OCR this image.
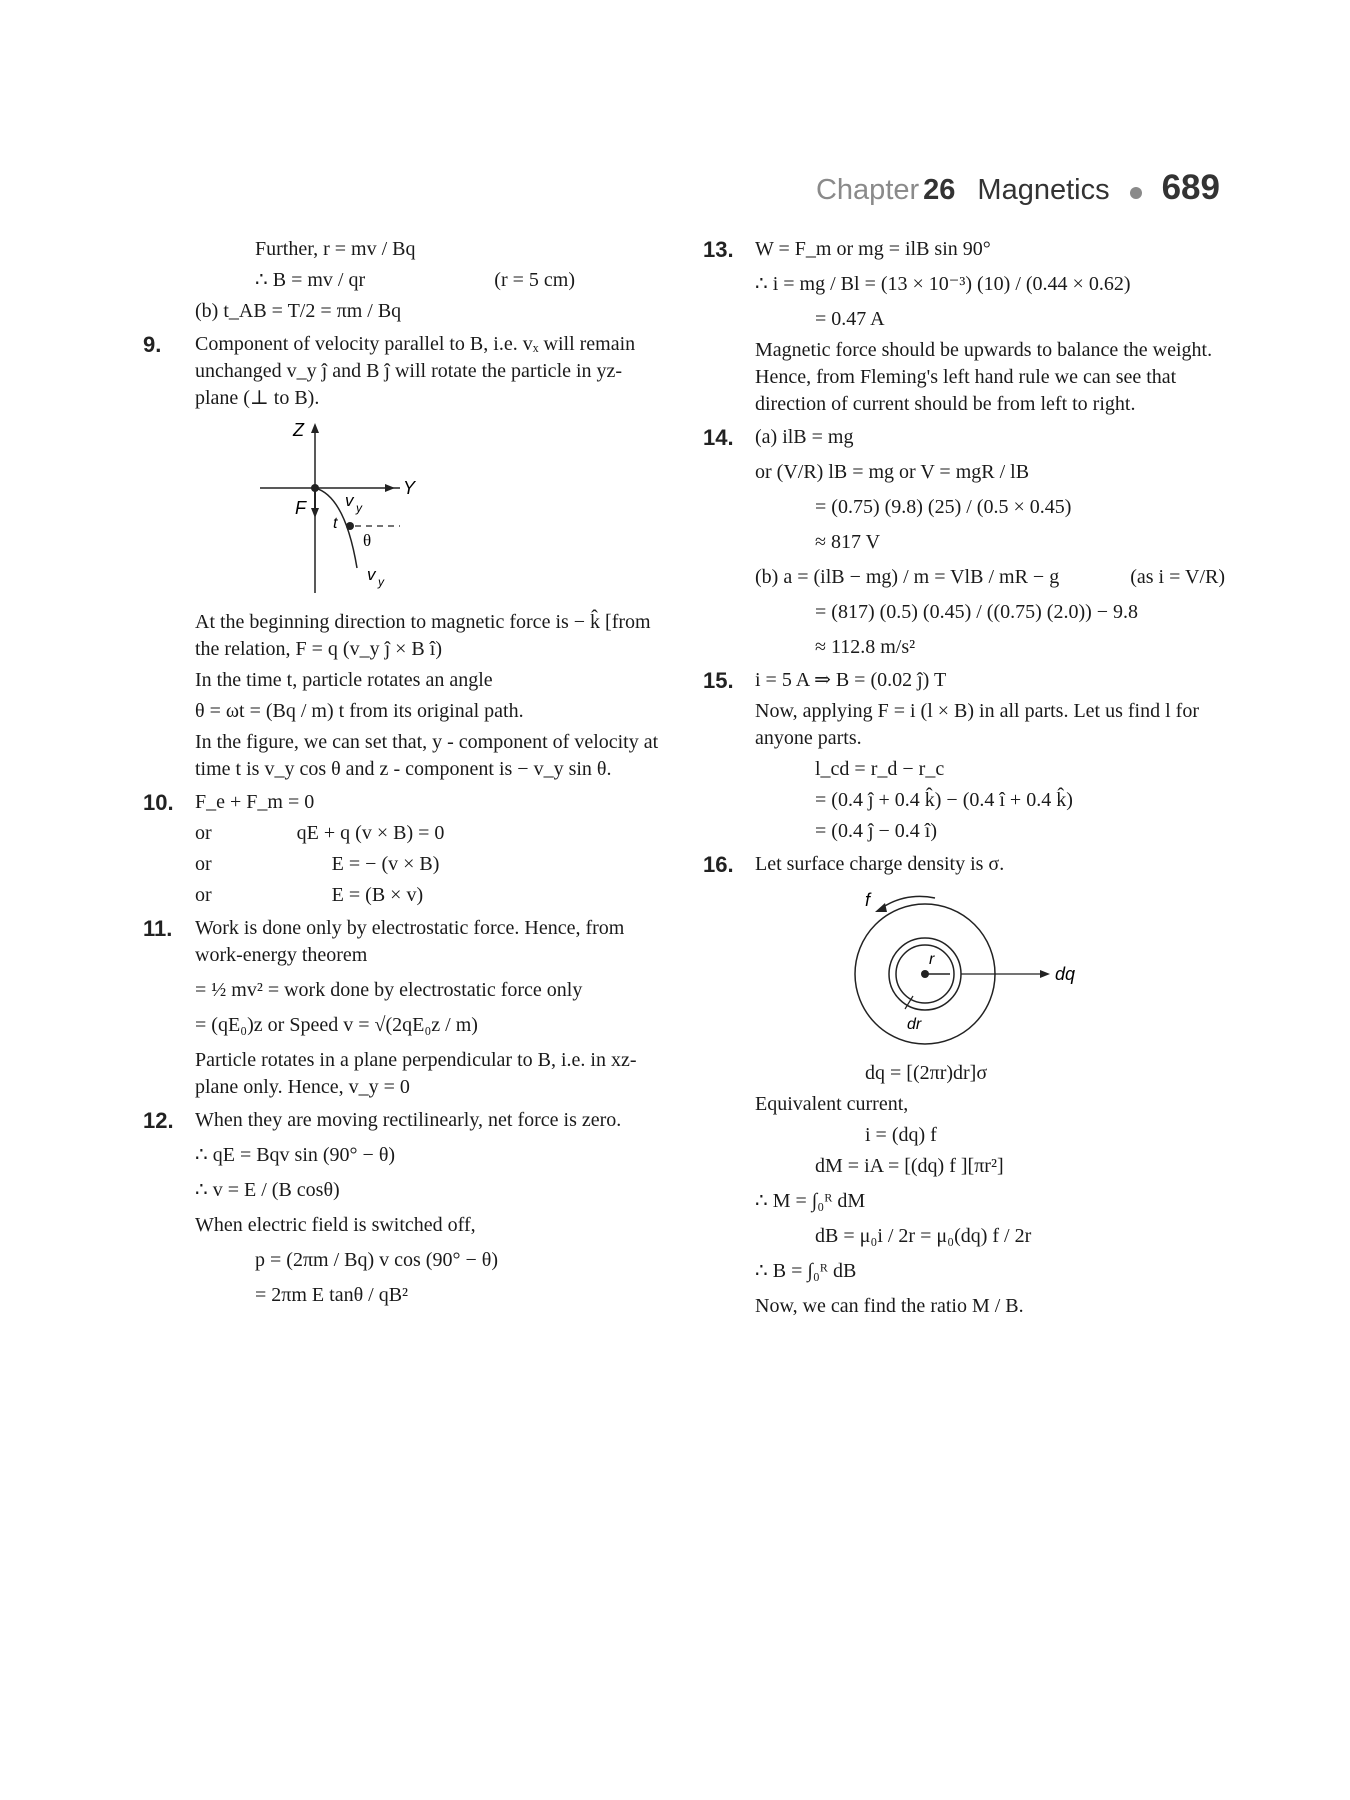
Chapter 26 Magnetics 689

Further, r = mv / Bq

∴ B = mv / qr	(r = 5 cm)

(b) t_AB = T/2 = πm / Bq

9. Component of velocity parallel to B, i.e. vₓ will remain unchanged v_y ĵ and B ĵ will rotate the particle in yz-plane (⊥ to B).

Z
Y
F v y
t
θ
v y

At the beginning direction to magnetic force is − k̂ [from the relation, F = q (v_y ĵ × B î)

In the time t, particle rotates an angle

θ = ωt = (Bq / m) t from its original path.

In the figure, we can set that, y - component of velocity at time t is v_y cos θ and z - component is − v_y sin θ.

10. F_e + F_m = 0

or	qE + q (v × B) = 0

or	E = − (v × B)

or	E = (B × v)

11. Work is done only by electrostatic force. Hence, from work-energy theorem

= ½ mv² = work done by electrostatic force only

= (qE₀)z or Speed v = √(2qE₀z / m)

Particle rotates in a plane perpendicular to B, i.e. in xz-plane only. Hence, v_y = 0

12. When they are moving rectilinearly, net force is zero.

∴ qE = Bqv sin (90° − θ)

∴ v = E / (B cosθ)

When electric field is switched off,

p = (2πm / Bq) v cos (90° − θ)

= 2πm E tanθ / qB²

13. W = F_m or mg = ilB sin 90°

∴ i = mg / Bl = (13 × 10⁻³) (10) / (0.44 × 0.62)

= 0.47 A

Magnetic force should be upwards to balance the weight. Hence, from Fleming's left hand rule we can see that direction of current should be from left to right.

14. (a) ilB = mg

or (V/R) lB = mg or V = mgR / lB

= (0.75) (9.8) (25) / (0.5 × 0.45)

≈ 817 V

(b) a = (ilB − mg) / m = VlB / mR − g	(as i = V/R)

= (817) (0.5) (0.45) / ((0.75) (2.0)) − 9.8

≈ 112.8 m/s²

15. i = 5 A ⇒ B = (0.02 ĵ) T

Now, applying F = i (l × B) in all parts. Let us find l for anyone parts.

l_cd = r_d − r_c

= (0.4 ĵ + 0.4 k̂) − (0.4 î + 0.4 k̂)

= (0.4 ĵ − 0.4 î)

16. Let surface charge density is σ.

f
r
dq
dr

dq = [(2πr)dr]σ

Equivalent current,

i = (dq) f

dM = iA = [(dq) f ][πr²]

∴ M = ∫₀ᴿ dM

dB = μ₀i / 2r = μ₀(dq) f / 2r

∴ B = ∫₀ᴿ dB

Now, we can find the ratio M / B.
